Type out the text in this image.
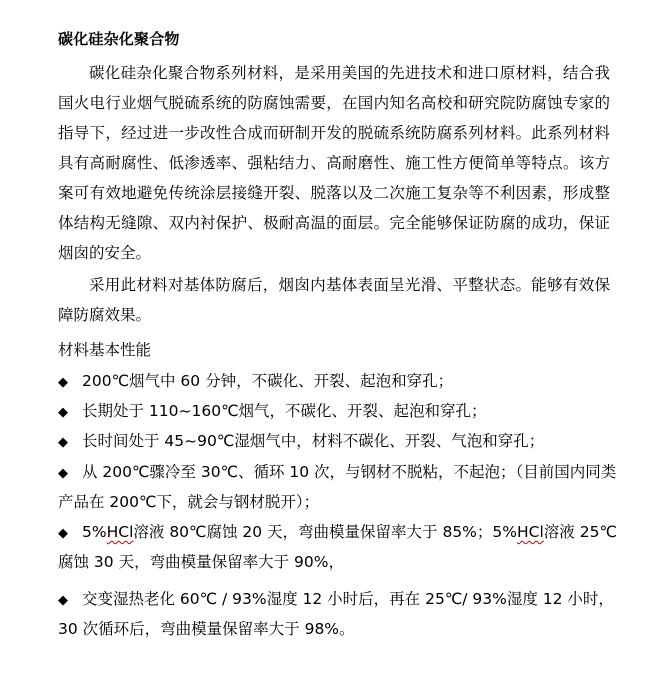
碳化硅杂化聚合物
碳化硅杂化聚合物系列材料，是采用美国的先进技术和进口原材料，结合我国火电行业烟气脱硫系统的防腐蚀需要，在国内知名高校和研究院防腐蚀专家的指导下，经过进一步改性合成而研制开发的脱硫系统防腐系列材料。此系列材料具有高耐腐性、低渗透率、强粘结力、高耐磨性、施工性方便简单等特点。该方案可有效地避免传统涂层接缝开裂、脱落以及二次施工复杂等不利因素，形成整体结构无缝隙、双内衬保护、极耐高温的面层。完全能够保证防腐的成功，保证烟囱的安全。
采用此材料对基体防腐后，烟囱内基体表面呈光滑、平整状态。能够有效保障防腐效果。
材料基本性能
◆ 200℃烟气中 60 分钟，不碳化、开裂、起泡和穿孔；
◆ 长期处于 110~160℃烟气，不碳化、开裂、起泡和穿孔；
◆ 长时间处于 45~90℃湿烟气中，材料不碳化、开裂、气泡和穿孔；
◆ 从 200℃骤冷至 30℃、循环 10 次，与钢材不脱粘，不起泡；（目前国内同类产品在 200℃下，就会与钢材脱开）；
◆ 5%HCl溶液 80℃腐蚀 20 天，弯曲模量保留率大于 85%；5%HCl溶液 25℃腐蚀 30 天，弯曲模量保留率大于 90%，
◆ 交变湿热老化 60℃ / 93%湿度 12 小时后，再在 25℃/ 93%湿度 12 小时，30 次循环后，弯曲模量保留率大于 98%。
